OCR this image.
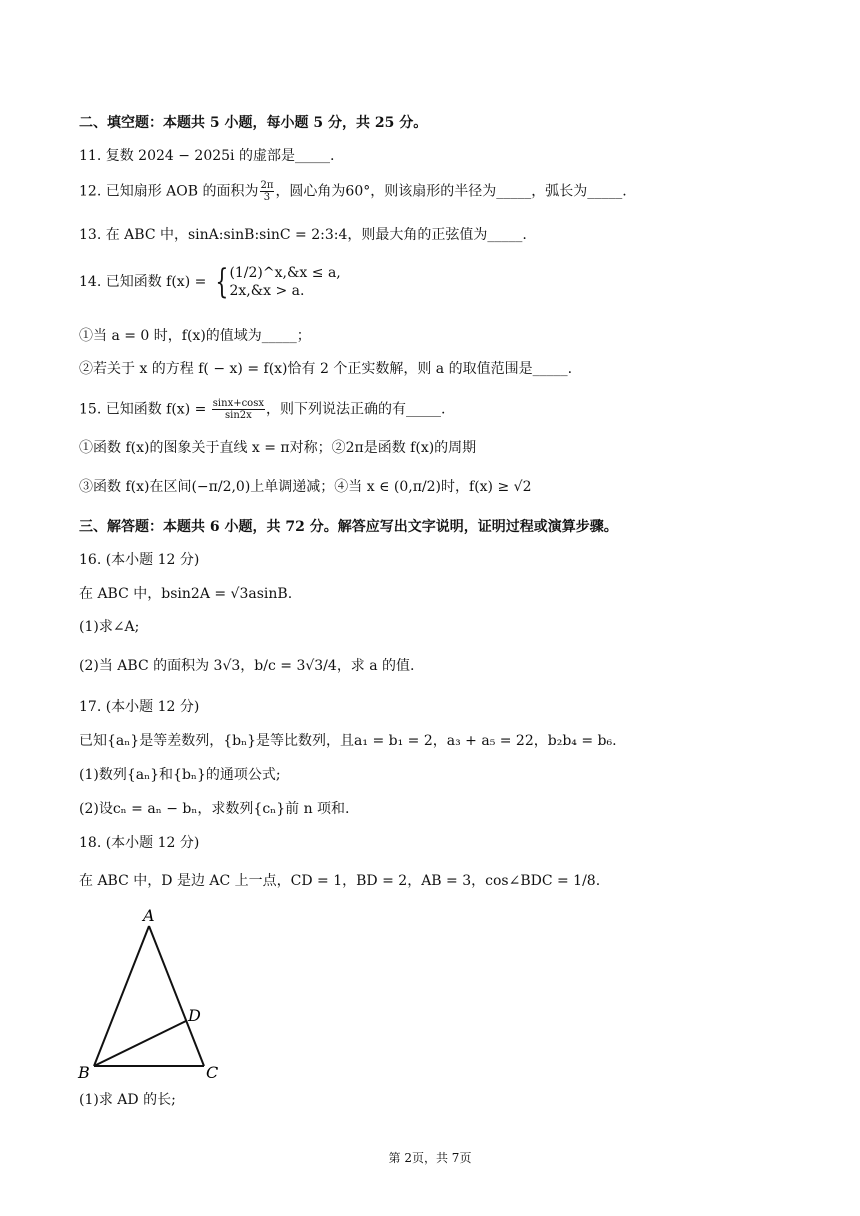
二、填空题：本题共 5 小题，每小题 5 分，共 25 分。
11. 复数 2024 − 2025i 的虚部是_____.
12. 已知扇形 AOB 的面积为 $\frac{2\pi}{3}$ ，圆心角为60°，则该扇形的半径为_____，弧长为_____.
13. 在 ABC 中，sinA:sinB:sinC = 2:3:4，则最大角的正弦值为_____.
14. 已知函数 f(x) = { (1/2)^x,&x ≤ a,
2x,&x > a.
①当 a = 0 时，f(x)的值域为_____；
②若关于 x 的方程 f( − x) = f(x)恰有 2 个正实数解，则 a 的取值范围是_____.
15. 已知函数 $f(x) = \frac{\sin x+\cos x}{\sin 2x}$ ，则下列说法正确的有_____.
①函数 f(x)的图象关于直线 x = π对称；②2π是函数 f(x)的周期
③函数 f(x)在区间(−π/2,0)上单调递减；④当 x ∈ (0,π/2)时，f(x) ≥ √2
三、解答题：本题共 6 小题，共 72 分。解答应写出文字说明，证明过程或演算步骤。
16. (本小题 12 分)
在 ABC 中，bsin2A = √3asinB.
(1)求∠A;
(2)当 ABC 的面积为 3√3，b/c = 3√3/4，求 a 的值.
17. (本小题 12 分)
已知{aₙ}是等差数列，{bₙ}是等比数列，且a₁ = b₁ = 2，a₃ + a₅ = 22，b₂b₄ = b₆.
(1)数列{aₙ}和{bₙ}的通项公式;
(2)设cₙ = aₙ − bₙ，求数列{cₙ}前 n 项和.
18. (本小题 12 分)
在 ABC 中，D 是边 AC 上一点，CD = 1，BD = 2，AB = 3，cos∠BDC = 1/8.
A
B	C
D
(1)求 AD 的长;
第 2页，共 7页
